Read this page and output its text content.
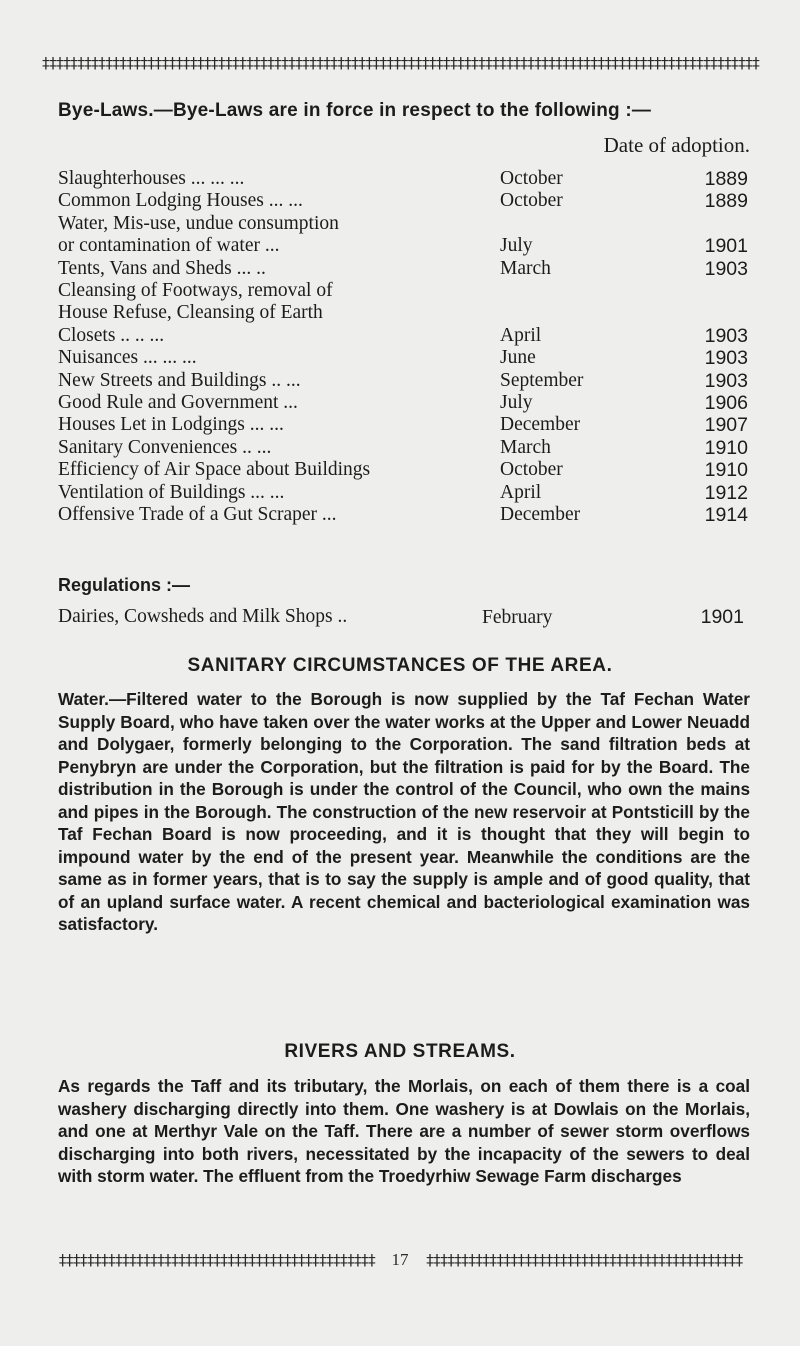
‡‡‡‡‡‡‡‡‡‡‡‡‡‡‡‡‡‡‡‡‡‡‡‡‡‡‡‡‡‡‡‡‡‡‡‡‡‡‡‡‡‡‡‡‡‡‡‡‡‡‡‡‡‡‡‡‡‡‡‡‡‡‡‡‡‡‡‡‡‡‡‡‡‡‡‡‡‡‡‡‡‡‡‡‡‡‡‡‡‡‡‡‡‡‡‡‡‡‡‡‡‡
Bye-Laws.—Bye-Laws are in force in respect to the following :—
Date of adoption.
Slaughterhouses ... ... ...	October	1889
Common Lodging Houses ... ...	October	1889
Water, Mis-use, undue consumption
or contamination of water ...	July	1901
Tents, Vans and Sheds ... ..	March	1903
Cleansing of Footways, removal of
House Refuse, Cleansing of Earth
Closets .. .. ...	April	1903
Nuisances ... ... ...	June	1903
New Streets and Buildings .. ...	September	1903
Good Rule and Government ...	July	1906
Houses Let in Lodgings ... ...	December	1907
Sanitary Conveniences .. ...	March	1910
Efficiency of Air Space about Buildings	October	1910
Ventilation of Buildings ... ...	April	1912
Offensive Trade of a Gut Scraper ...	December	1914
Regulations :—
Dairies, Cowsheds and Milk Shops ..	February	1901
SANITARY CIRCUMSTANCES OF THE AREA.
Water.—Filtered water to the Borough is now supplied by the Taf Fechan Water Supply Board, who have taken over the water works at the Upper and Lower Neuadd and Dolygaer, formerly belonging to the Corporation. The sand filtration beds at Penybryn are under the Corporation, but the filtration is paid for by the Board. The distribution in the Borough is under the control of the Council, who own the mains and pipes in the Borough. The construction of the new reservoir at Pontsticill by the Taf Fechan Board is now proceeding, and it is thought that they will begin to impound water by the end of the present year. Meanwhile the conditions are the same as in former years, that is to say the supply is ample and of good quality, that of an upland surface water. A recent chemical and bacteriological examination was satisfactory.
RIVERS AND STREAMS.
As regards the Taff and its tributary, the Morlais, on each of them there is a coal washery discharging directly into them. One washery is at Dowlais on the Morlais, and one at Merthyr Vale on the Taff. There are a number of sewer storm overflows discharging into both rivers, necessitated by the incapacity of the sewers to deal with storm water. The effluent from the Troedyrhiw Sewage Farm discharges
‡‡‡‡‡‡‡‡‡‡‡‡‡‡‡‡‡‡‡‡‡‡‡‡‡‡‡‡‡‡‡‡‡‡‡‡‡‡‡‡‡‡‡‡‡ 17 ‡‡‡‡‡‡‡‡‡‡‡‡‡‡‡‡‡‡‡‡‡‡‡‡‡‡‡‡‡‡‡‡‡‡‡‡‡‡‡‡‡‡‡‡‡
